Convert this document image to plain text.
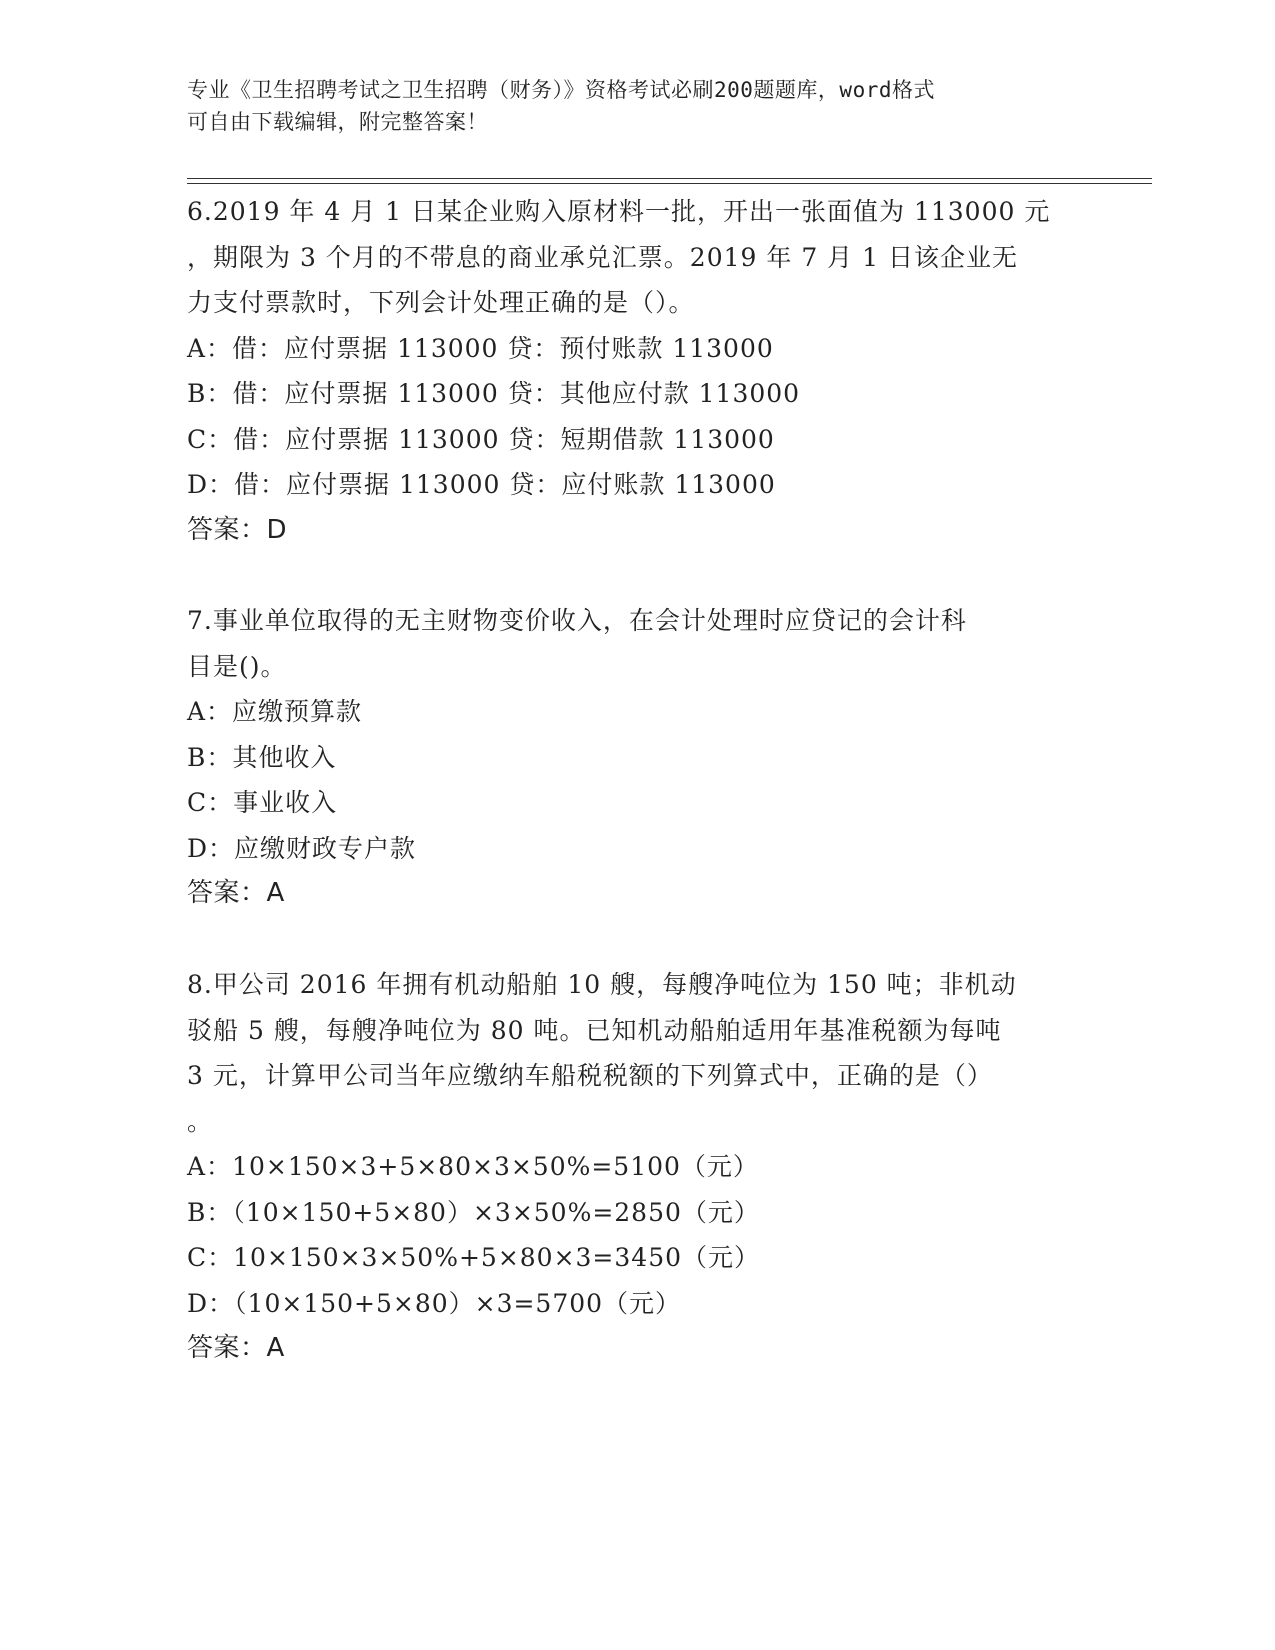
专业《卫生招聘考试之卫生招聘（财务）》资格考试必刷200题题库，word格式
可自由下载编辑，附完整答案！
6.2019 年 4 月 1 日某企业购入原材料一批，开出一张面值为 113000 元
，期限为 3 个月的不带息的商业承兑汇票。2019 年 7 月 1 日该企业无
力支付票款时，下列会计处理正确的是（）。
A：借：应付票据 113000 贷：预付账款 113000
B：借：应付票据 113000 贷：其他应付款 113000
C：借：应付票据 113000 贷：短期借款 113000
D：借：应付票据 113000 贷：应付账款 113000
答案：D
7.事业单位取得的无主财物变价收入，在会计处理时应贷记的会计科
目是()。
A：应缴预算款
B：其他收入
C：事业收入
D：应缴财政专户款
答案：A
8.甲公司 2016 年拥有机动船舶 10 艘，每艘净吨位为 150 吨；非机动
驳船 5 艘，每艘净吨位为 80 吨。已知机动船舶适用年基准税额为每吨
3 元，计算甲公司当年应缴纳车船税税额的下列算式中，正确的是（）
。
A：10×150×3+5×80×3×50%=5100（元）
B：（10×150+5×80）×3×50%=2850（元）
C：10×150×3×50%+5×80×3=3450（元）
D：（10×150+5×80）×3=5700（元）
答案：A
